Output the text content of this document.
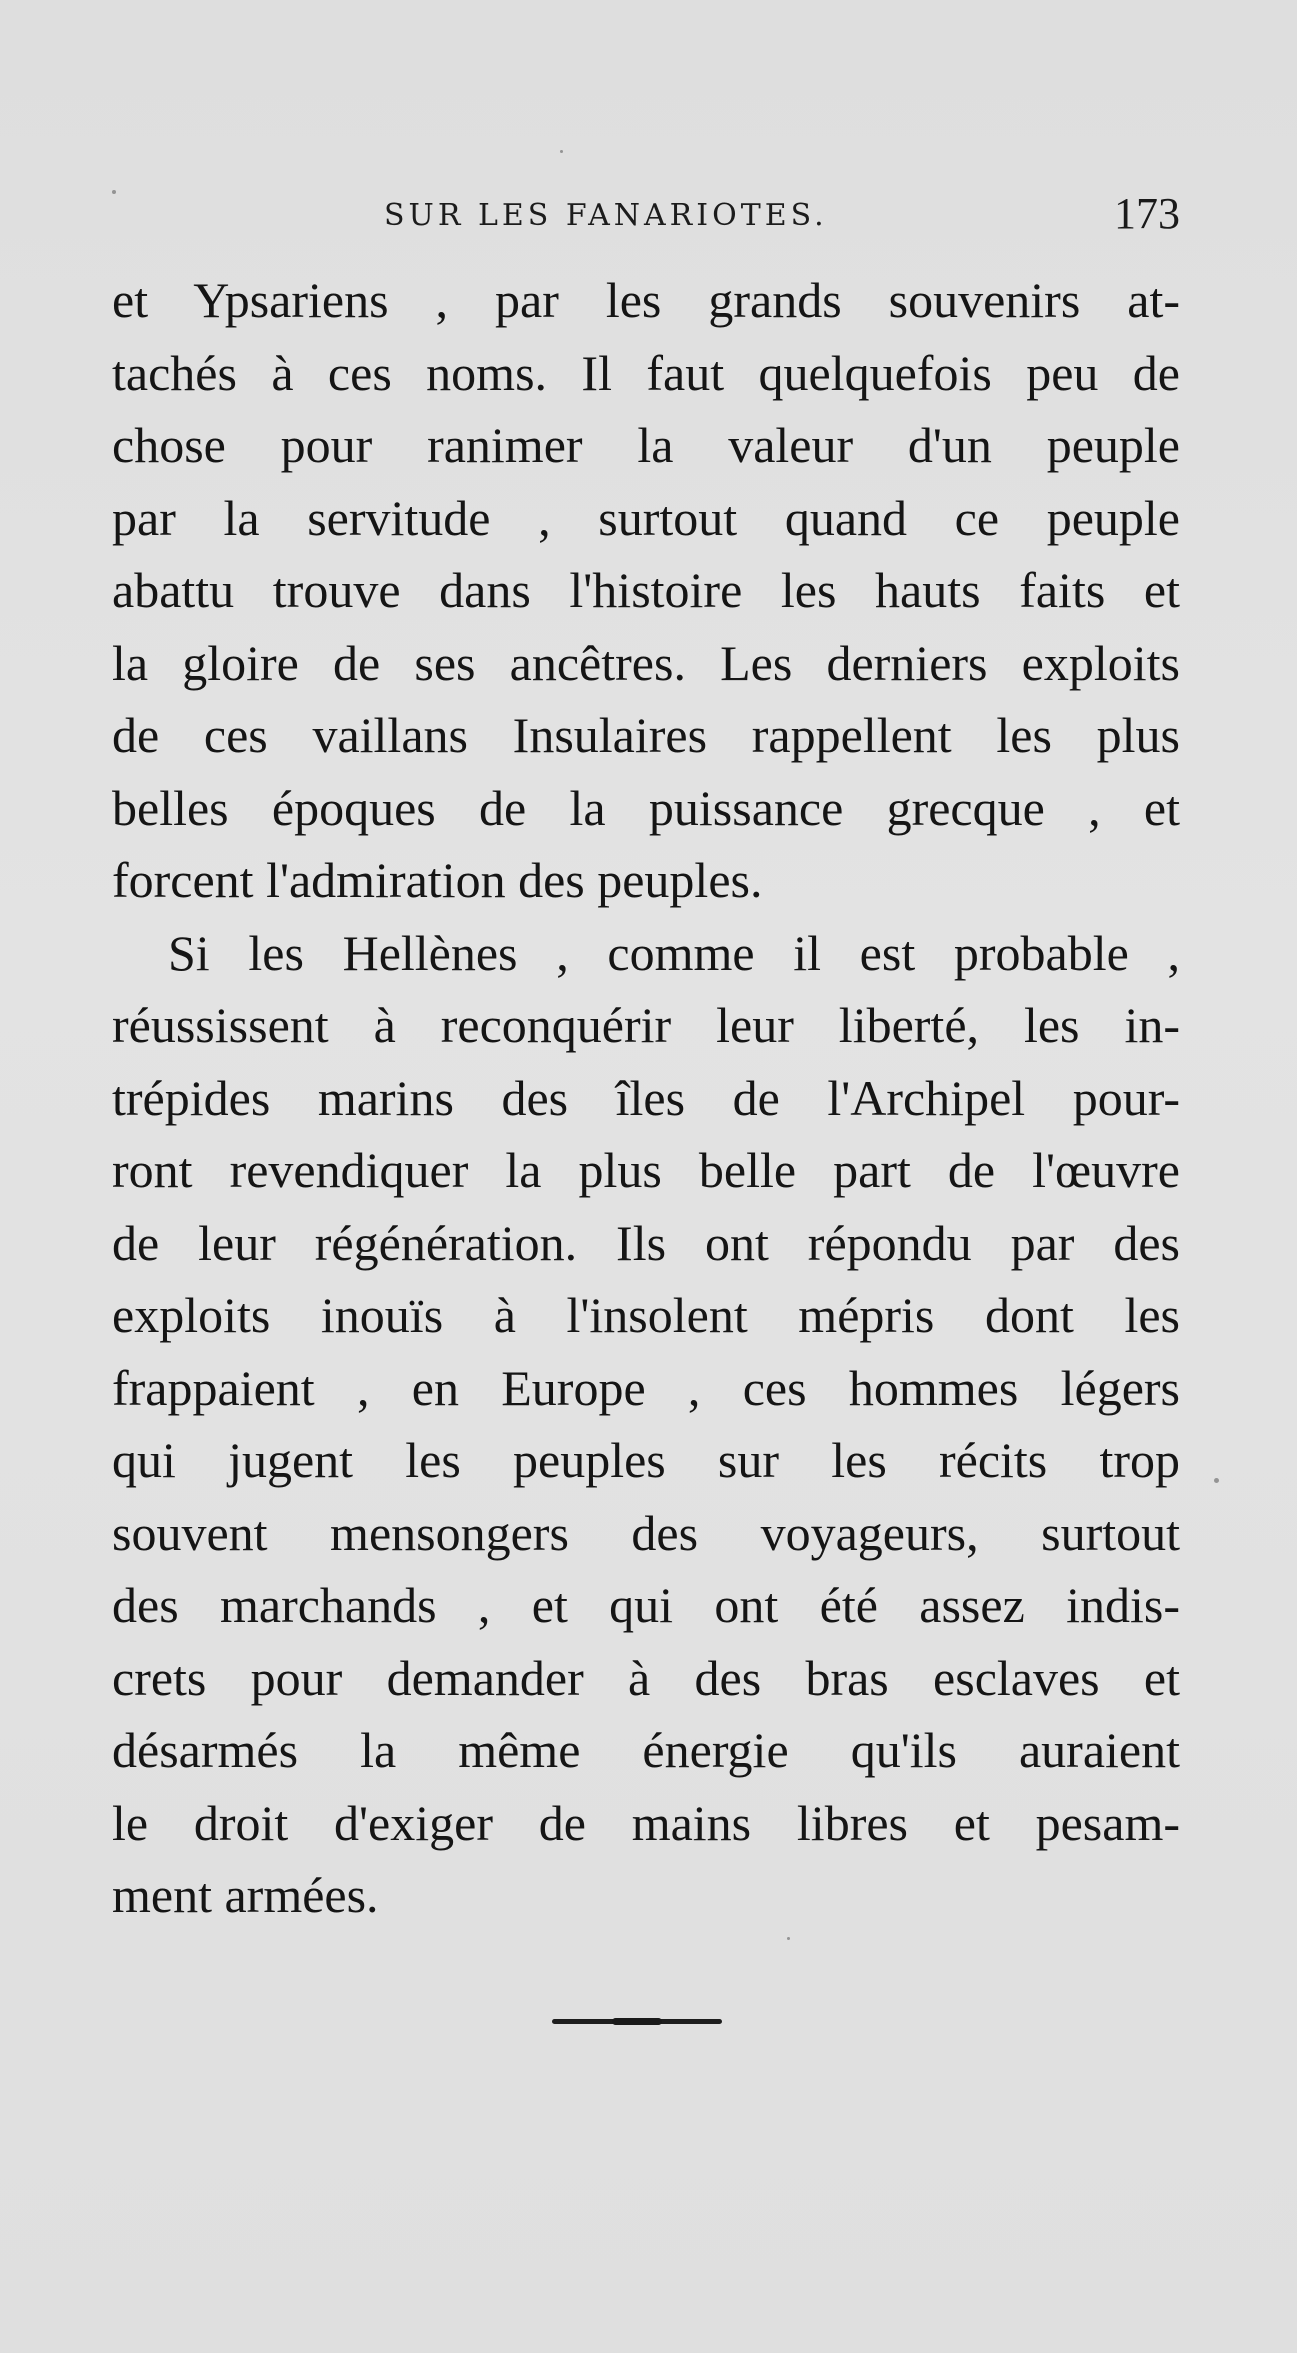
SUR LES FANARIOTES.	173
et Ypsariens , par les grands souvenirs at-
tachés à ces noms. Il faut quelquefois peu de
chose pour ranimer la valeur d'un peuple
par la servitude , surtout quand ce peuple
abattu trouve dans l'histoire les hauts faits et
la gloire de ses ancêtres. Les derniers exploits
de ces vaillans Insulaires rappellent les plus
belles époques de la puissance grecque , et
forcent l'admiration des peuples.
Si les Hellènes , comme il est probable ,
réussissent à reconquérir leur liberté, les in-
trépides marins des îles de l'Archipel pour-
ront revendiquer la plus belle part de l'œuvre
de leur régénération. Ils ont répondu par des
exploits inouïs à l'insolent mépris dont les
frappaient , en Europe , ces hommes légers
qui jugent les peuples sur les récits trop
souvent mensongers des voyageurs, surtout
des marchands , et qui ont été assez indis-
crets pour demander à des bras esclaves et
désarmés la même énergie qu'ils auraient
le droit d'exiger de mains libres et pesam-
ment armées.
